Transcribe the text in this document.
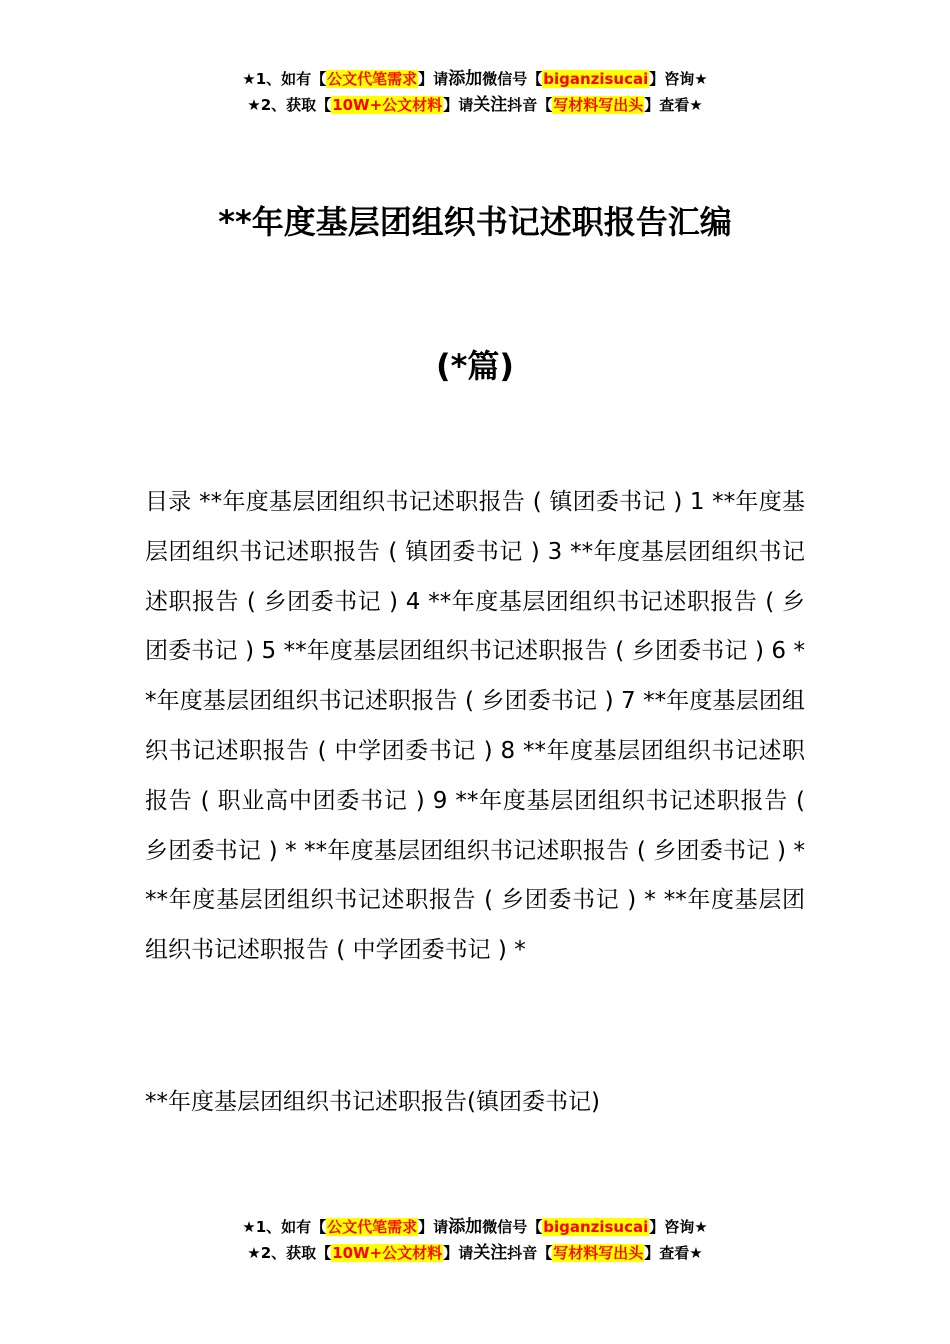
★1、如有【公文代笔需求】请添加微信号【biganzisucai】咨询★
★2、获取【10W+公文材料】请关注抖音【写材料写出头】查看★
**年度基层团组织书记述职报告汇编
(*篇)

目录 **年度基层团组织书记述职报告 ( 镇团委书记 ) 1 **年度基层团组织书记述职报告 ( 镇团委书记 ) 3 **年度基层团组织书记述职报告 ( 乡团委书记 ) 4 **年度基层团组织书记述职报告 ( 乡团委书记 ) 5 **年度基层团组织书记述职报告 ( 乡团委书记 ) 6 **年度基层团组织书记述职报告 ( 乡团委书记 ) 7 **年度基层团组织书记述职报告 ( 中学团委书记 ) 8 **年度基层团组织书记述职报告 ( 职业高中团委书记 ) 9 **年度基层团组织书记述职报告 ( 乡团委书记 ) * **年度基层团组织书记述职报告 ( 乡团委书记 ) * **年度基层团组织书记述职报告 ( 乡团委书记 ) * **年度基层团组织书记述职报告 ( 中学团委书记 ) *

**年度基层团组织书记述职报告(镇团委书记)

★1、如有【公文代笔需求】请添加微信号【biganzisucai】咨询★
★2、获取【10W+公文材料】请关注抖音【写材料写出头】查看★
